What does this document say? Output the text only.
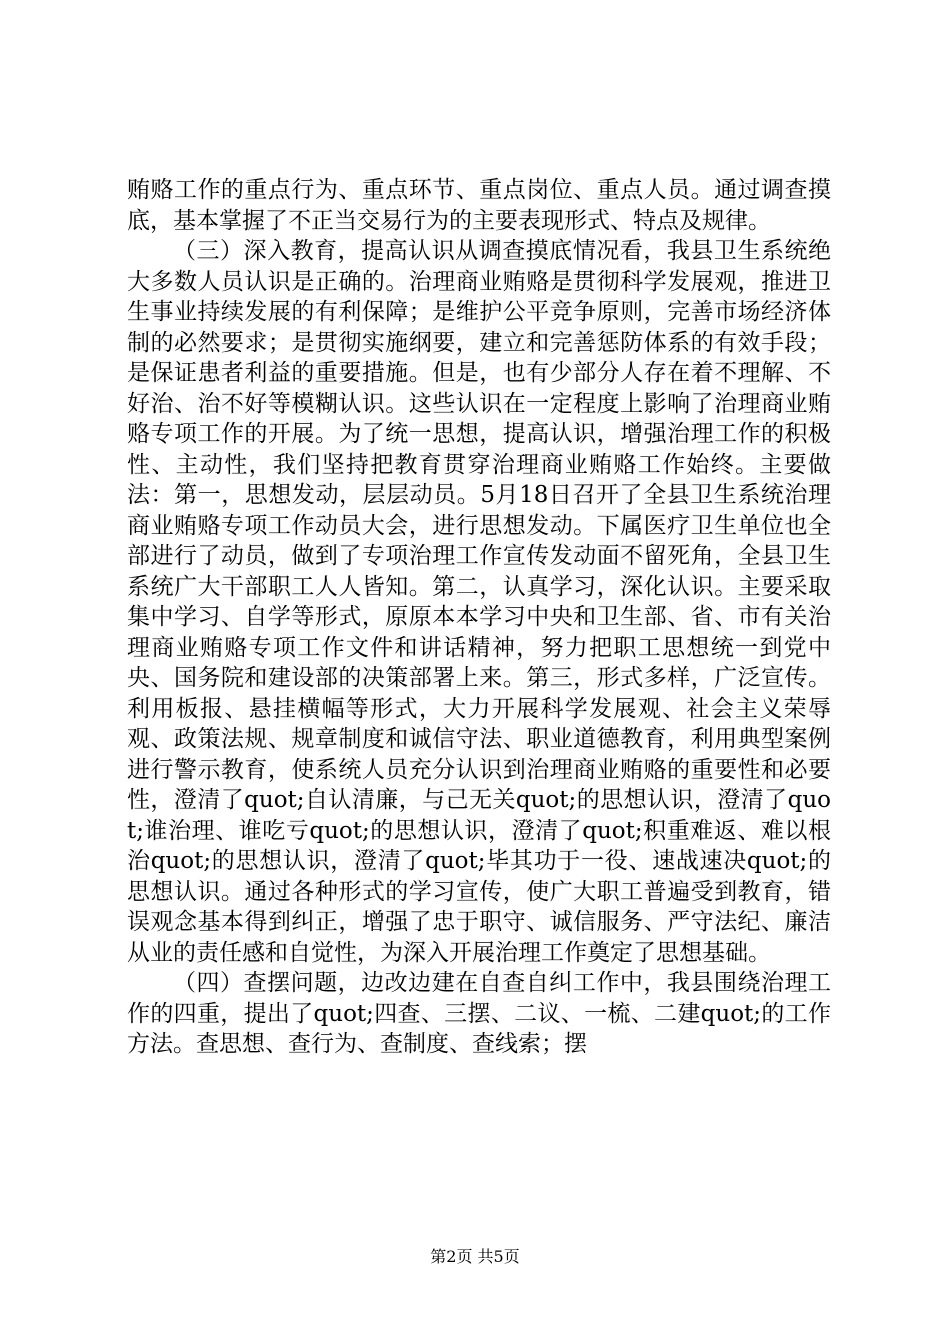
贿赂工作的重点行为、重点环节、重点岗位、重点人员。通过调查摸底，基本掌握了不正当交易行为的主要表现形式、特点及规律。

（三）深入教育，提高认识从调查摸底情况看，我县卫生系统绝大多数人员认识是正确的。治理商业贿赂是贯彻科学发展观，推进卫生事业持续发展的有利保障；是维护公平竞争原则，完善市场经济体制的必然要求；是贯彻实施纲要，建立和完善惩防体系的有效手段；是保证患者利益的重要措施。但是，也有少部分人存在着不理解、不好治、治不好等模糊认识。这些认识在一定程度上影响了治理商业贿赂专项工作的开展。为了统一思想，提高认识，增强治理工作的积极性、主动性，我们坚持把教育贯穿治理商业贿赂工作始终。主要做法：第一，思想发动，层层动员。5月18日召开了全县卫生系统治理商业贿赂专项工作动员大会，进行思想发动。下属医疗卫生单位也全部进行了动员，做到了专项治理工作宣传发动面不留死角，全县卫生系统广大干部职工人人皆知。第二，认真学习，深化认识。主要采取集中学习、自学等形式，原原本本学习中央和卫生部、省、市有关治理商业贿赂专项工作文件和讲话精神，努力把职工思想统一到党中央、国务院和建设部的决策部署上来。第三，形式多样，广泛宣传。利用板报、悬挂横幅等形式，大力开展科学发展观、社会主义荣辱观、政策法规、规章制度和诚信守法、职业道德教育，利用典型案例进行警示教育，使系统人员充分认识到治理商业贿赂的重要性和必要性，澄清了quot;自认清廉，与己无关quot;的思想认识，澄清了quot;谁治理、谁吃亏quot;的思想认识，澄清了quot;积重难返、难以根治quot;的思想认识，澄清了quot;毕其功于一役、速战速决quot;的思想认识。通过各种形式的学习宣传，使广大职工普遍受到教育，错误观念基本得到纠正，增强了忠于职守、诚信服务、严守法纪、廉洁从业的责任感和自觉性，为深入开展治理工作奠定了思想基础。

（四）查摆问题，边改边建在自查自纠工作中，我县围绕治理工作的四重，提出了quot;四查、三摆、二议、一梳、二建quot;的工作方法。查思想、查行为、查制度、查线索；摆

第2页 共5页
